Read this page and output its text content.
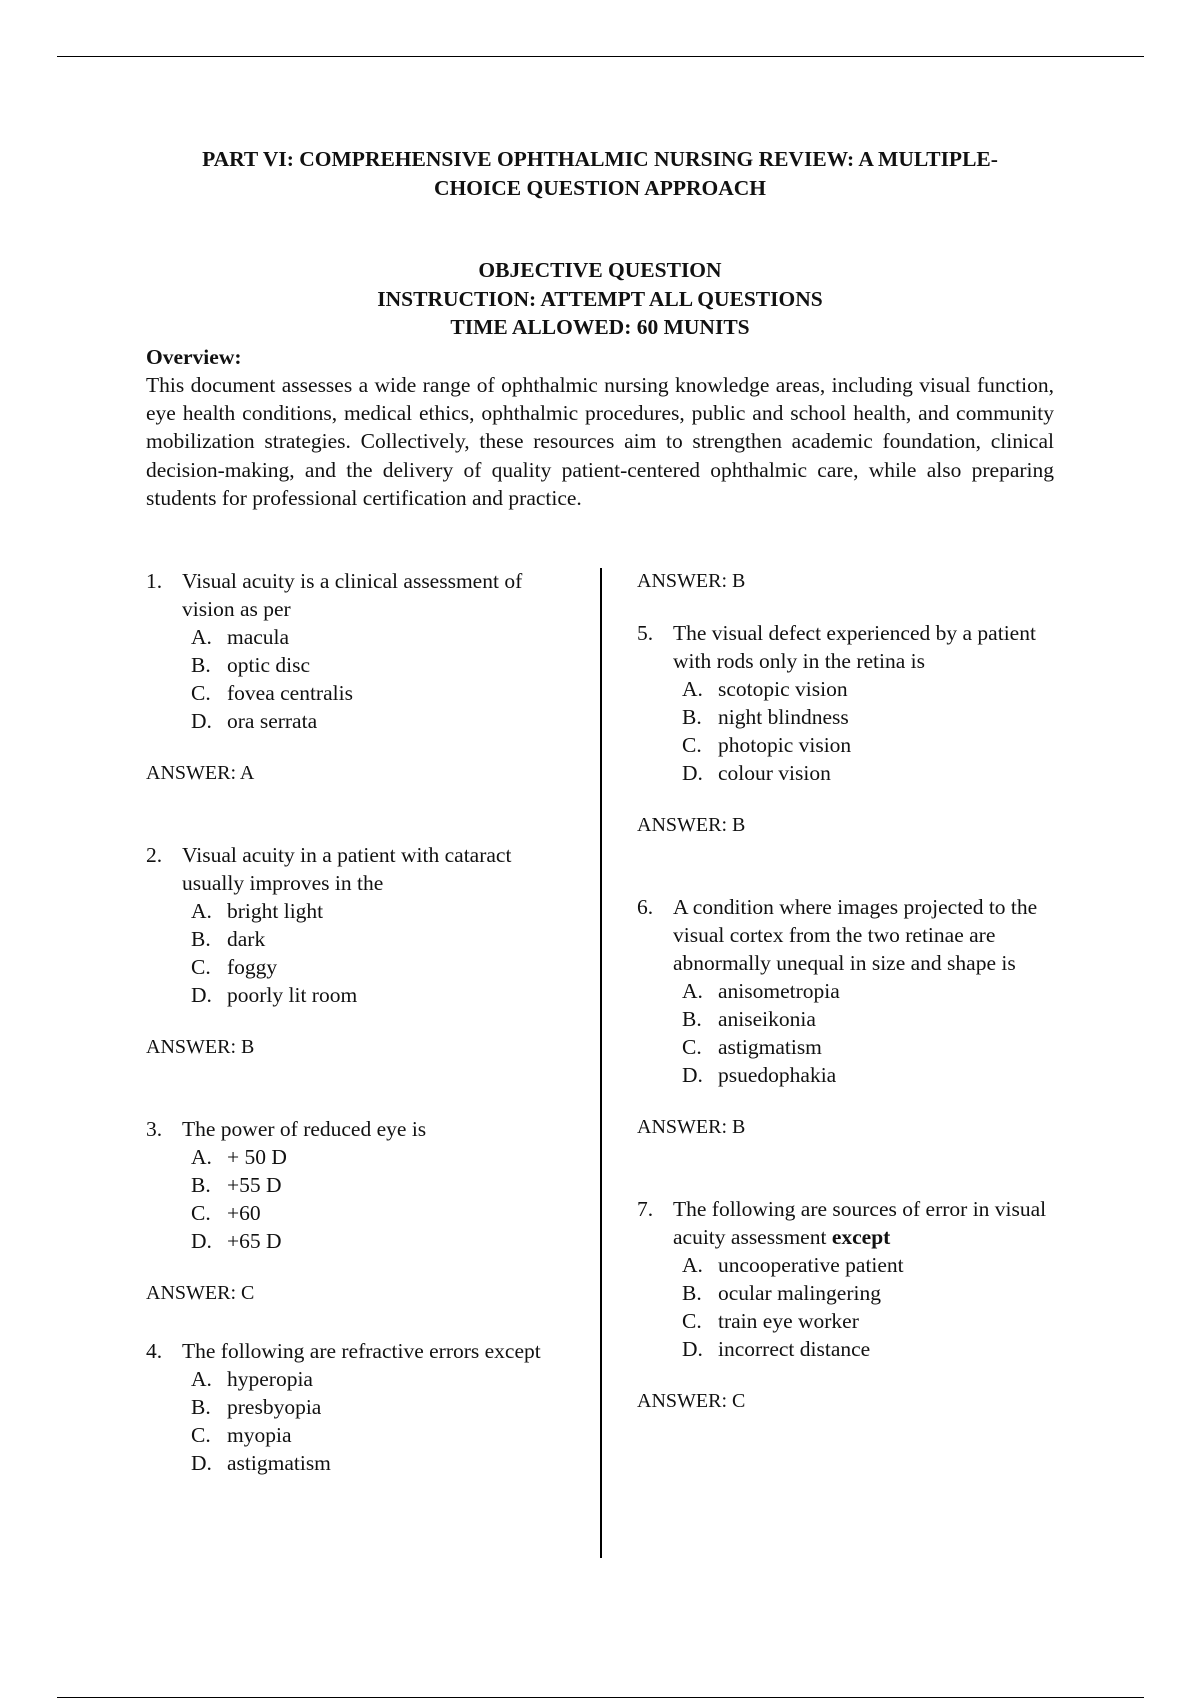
PART VI: COMPREHENSIVE OPHTHALMIC NURSING REVIEW: A MULTIPLE-
CHOICE QUESTION APPROACH
OBJECTIVE QUESTION
INSTRUCTION: ATTEMPT ALL QUESTIONS
TIME ALLOWED: 60 MUNITS
Overview:
This document assesses a wide range of ophthalmic nursing knowledge areas, including visual function, eye health conditions, medical ethics, ophthalmic procedures, public and school health, and community mobilization strategies. Collectively, these resources aim to strengthen academic foundation, clinical decision-making, and the delivery of quality patient-centered ophthalmic care, while also preparing students for professional certification and practice.
1. Visual acuity is a clinical assessment of vision as per
A. macula
B. optic disc
C. fovea centralis
D. ora serrata
ANSWER: A
2. Visual acuity in a patient with cataract usually improves in the
A. bright light
B. dark
C. foggy
D. poorly lit room
ANSWER: B
3. The power of reduced eye is
A. + 50 D
B. +55 D
C. +60
D. +65 D
ANSWER: C
4. The following are refractive errors except
A. hyperopia
B. presbyopia
C. myopia
D. astigmatism
ANSWER: B
5. The visual defect experienced by a patient with rods only in the retina is
A. scotopic vision
B. night blindness
C. photopic vision
D. colour vision
ANSWER: B
6. A condition where images projected to the visual cortex from the two retinae are abnormally unequal in size and shape is
A. anisometropia
B. aniseikonia
C. astigmatism
D. psuedophakia
ANSWER: B
7. The following are sources of error in visual acuity assessment except
A. uncooperative patient
B. ocular malingering
C. train eye worker
D. incorrect distance
ANSWER: C
